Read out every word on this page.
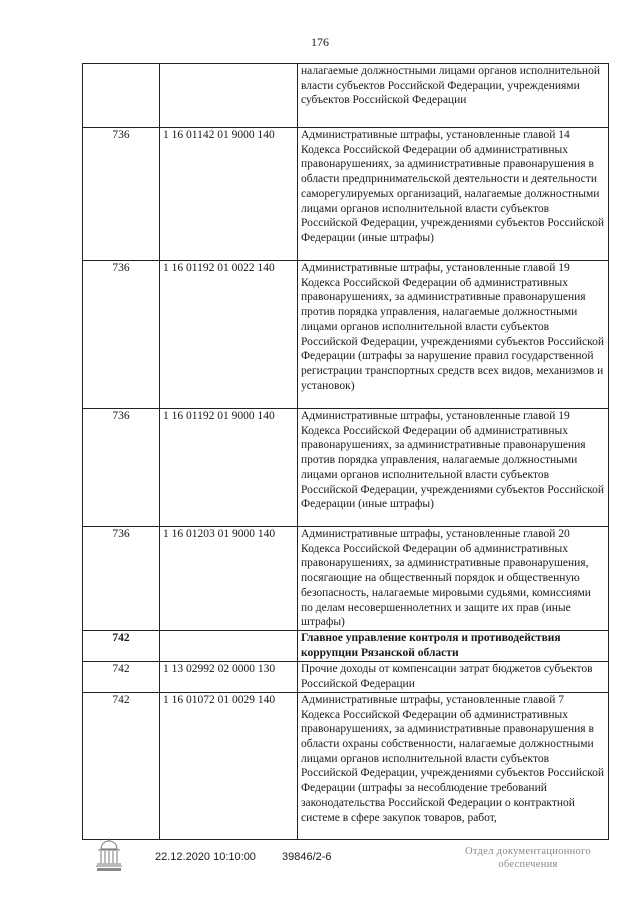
176
		налагаемые должностными лицами органов исполнительной власти субъектов Российской Федерации, учреждениями субъектов Российской Федерации
736	1 16 01142 01 9000 140	Административные штрафы, установленные главой 14 Кодекса Российской Федерации об административных правонарушениях, за административные правонарушения в области предпринимательской деятельности и деятельности саморегулируемых организаций, налагаемые должностными лицами органов исполнительной власти субъектов Российской Федерации, учреждениями субъектов Российской Федерации (иные штрафы)
736	1 16 01192 01 0022 140	Административные штрафы, установленные главой 19 Кодекса Российской Федерации об административных правонарушениях, за административные правонарушения против порядка управления, налагаемые должностными лицами органов исполнительной власти субъектов Российской Федерации, учреждениями субъектов Российской Федерации (штрафы за нарушение правил государственной регистрации транспортных средств всех видов, механизмов и установок)
736	1 16 01192 01 9000 140	Административные штрафы, установленные главой 19 Кодекса Российской Федерации об административных правонарушениях, за административные правонарушения против порядка управления, налагаемые должностными лицами органов исполнительной власти субъектов Российской Федерации, учреждениями субъектов Российской Федерации (иные штрафы)
736	1 16 01203 01 9000 140	Административные штрафы, установленные главой 20 Кодекса Российской Федерации об административных правонарушениях, за административные правонарушения, посягающие на общественный порядок и общественную безопасность, налагаемые мировыми судьями, комиссиями по делам несовершеннолетних и защите их прав (иные штрафы)
742		Главное управление контроля и противодействия коррупции Рязанской области
742	1 13 02992 02 0000 130	Прочие доходы от компенсации затрат бюджетов субъектов Российской Федерации
742	1 16 01072 01 0029 140	Административные штрафы, установленные главой 7 Кодекса Российской Федерации об административных правонарушениях, за административные правонарушения в области охраны собственности, налагаемые должностными лицами органов исполнительной власти субъектов Российской Федерации, учреждениями субъектов Российской Федерации (штрафы за несоблюдение требований законодательства Российской Федерации о контрактной системе в сфере закупок товаров, работ,
22.12.2020 10:10:00 39846/2-6	Отдел документационного обеспечения
